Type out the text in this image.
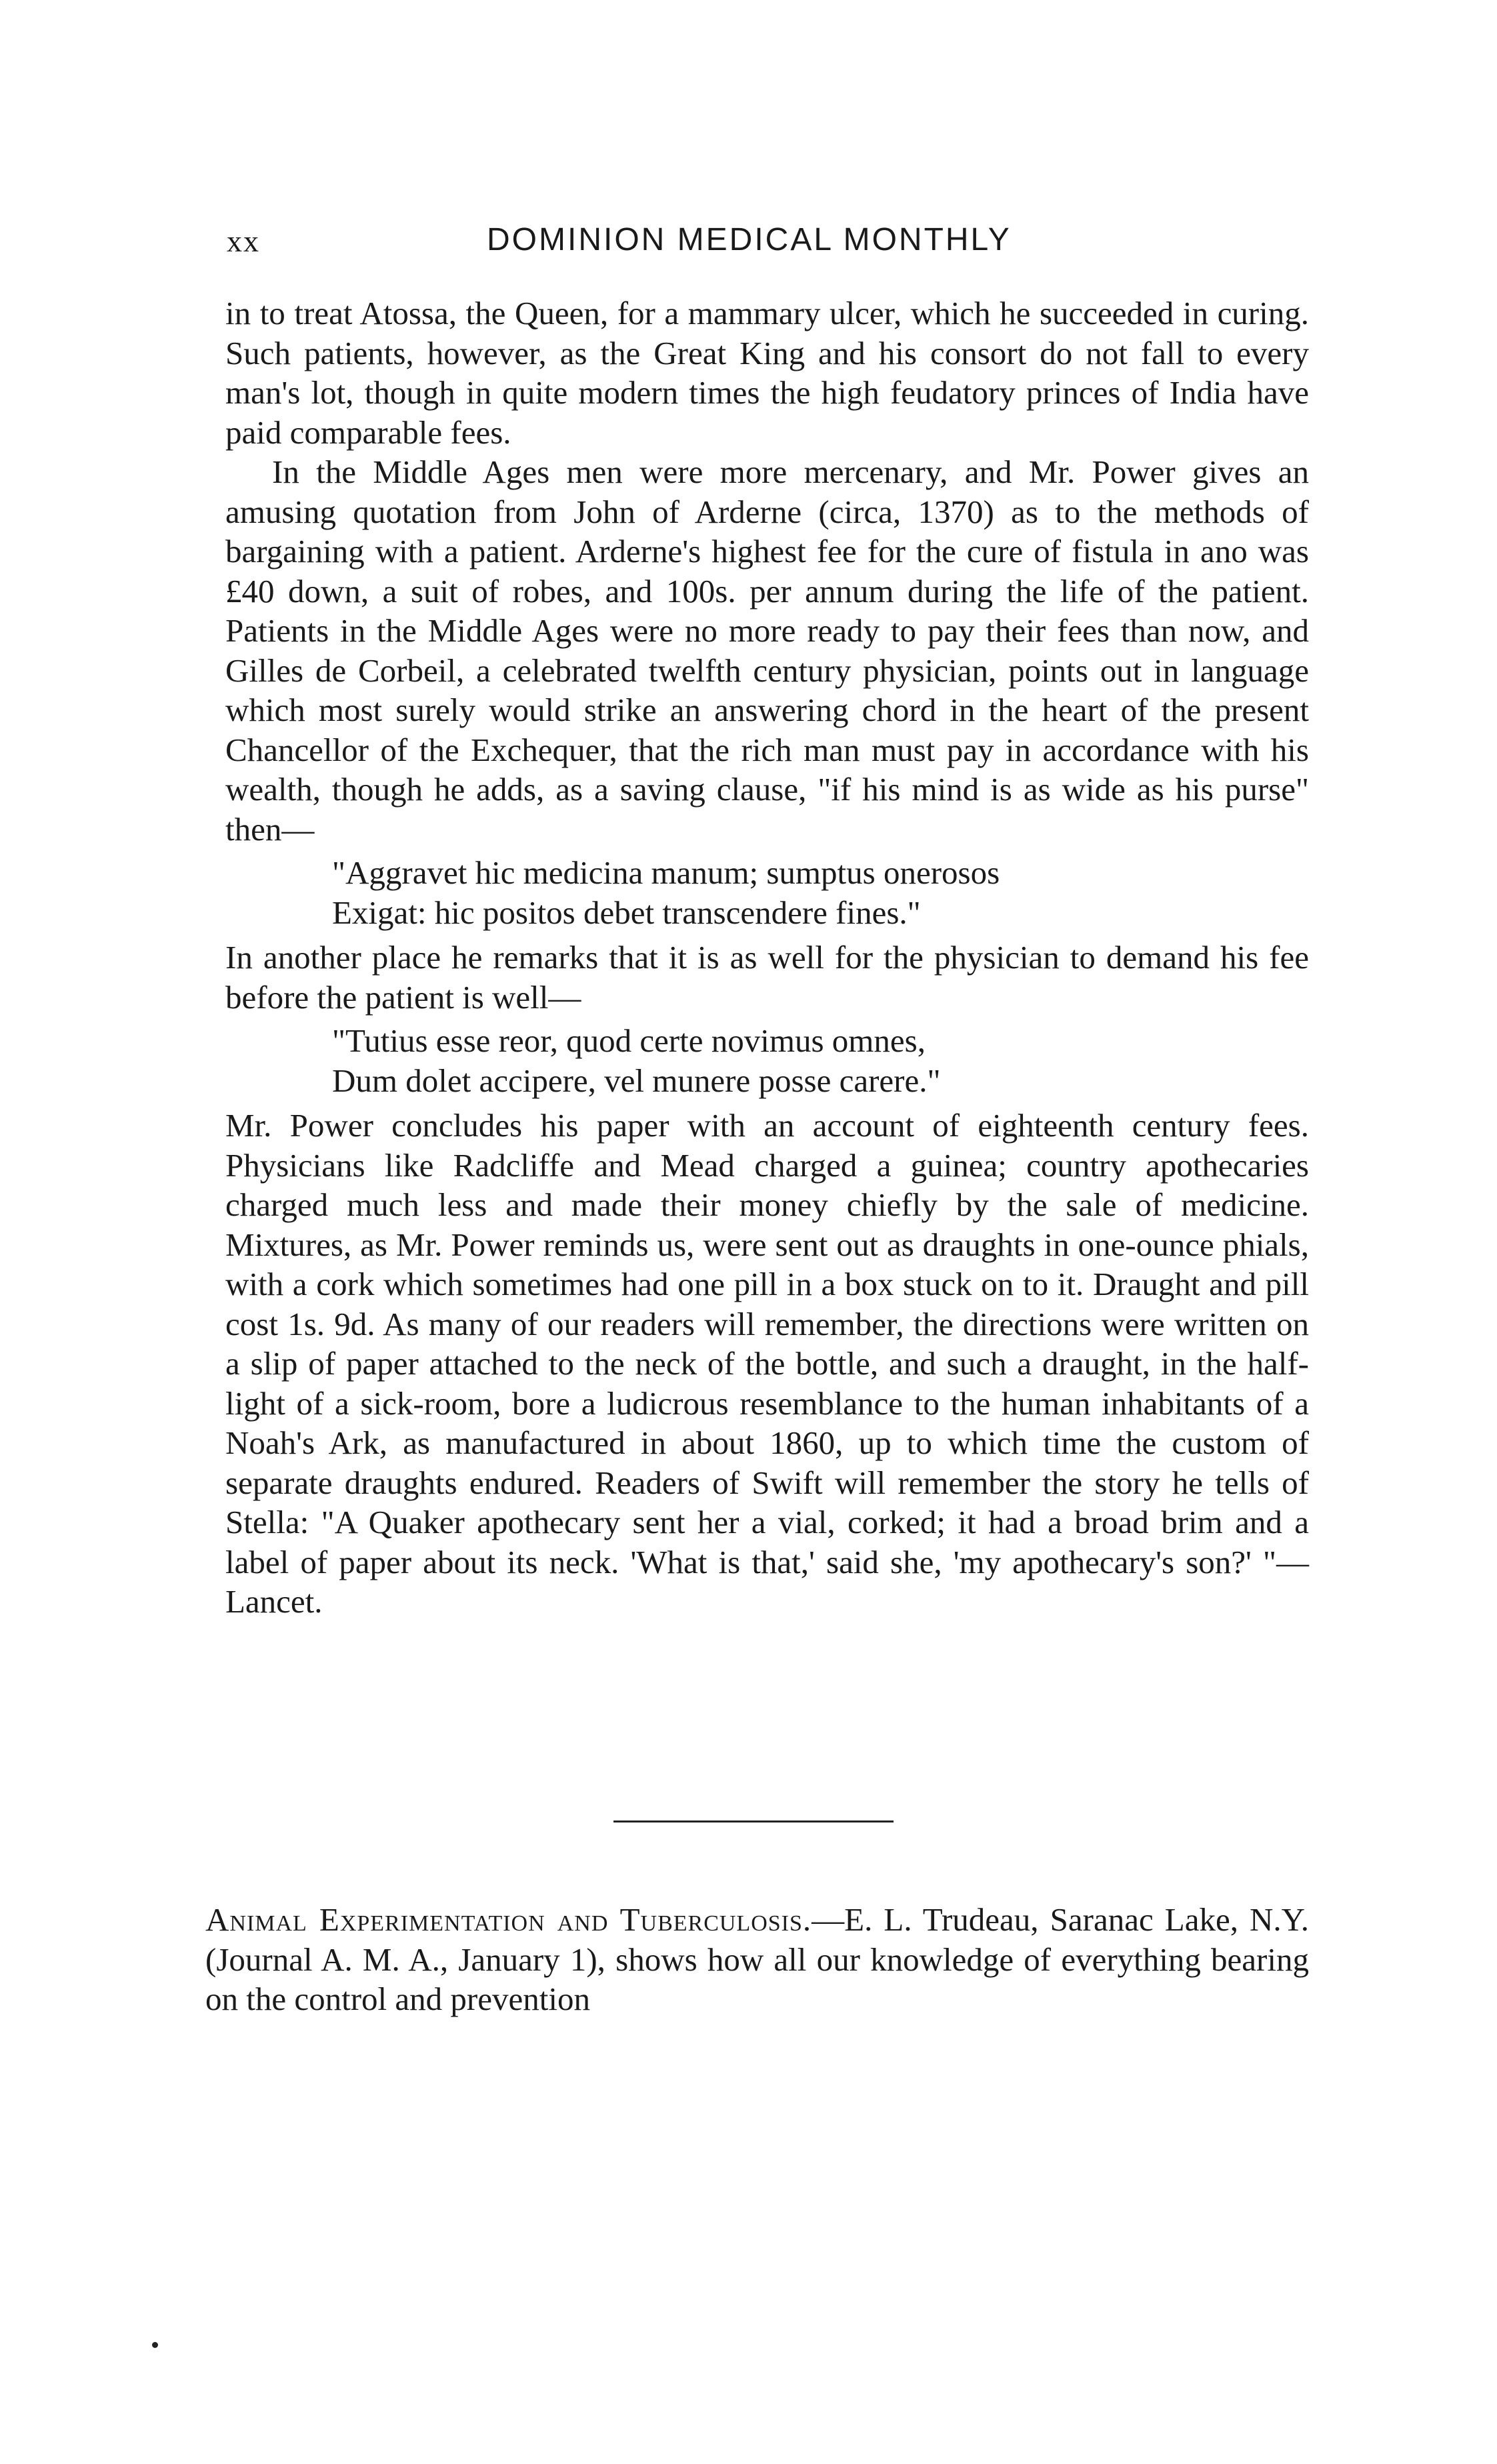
xx	DOMINION MEDICAL MONTHLY

in to treat Atossa, the Queen, for a mammary ulcer, which he succeeded in curing. Such patients, however, as the Great King and his consort do not fall to every man's lot, though in quite modern times the high feudatory princes of India have paid comparable fees.

In the Middle Ages men were more mercenary, and Mr. Power gives an amusing quotation from John of Arderne (circa, 1370) as to the methods of bargaining with a patient. Arderne's highest fee for the cure of fistula in ano was £40 down, a suit of robes, and 100s. per annum during the life of the patient. Patients in the Middle Ages were no more ready to pay their fees than now, and Gilles de Corbeil, a celebrated twelfth century physician, points out in language which most surely would strike an answering chord in the heart of the present Chancellor of the Exchequer, that the rich man must pay in accordance with his wealth, though he adds, as a saving clause, "if his mind is as wide as his purse" then—

"Aggravet hic medicina manum; sumptus onerosos
Exigat: hic positos debet transcendere fines."

In another place he remarks that it is as well for the physician to demand his fee before the patient is well—

"Tutius esse reor, quod certe novimus omnes,
Dum dolet accipere, vel munere posse carere."

Mr. Power concludes his paper with an account of eighteenth century fees. Physicians like Radcliffe and Mead charged a guinea; country apothecaries charged much less and made their money chiefly by the sale of medicine. Mixtures, as Mr. Power reminds us, were sent out as draughts in one-ounce phials, with a cork which sometimes had one pill in a box stuck on to it. Draught and pill cost 1s. 9d. As many of our readers will remember, the directions were written on a slip of paper attached to the neck of the bottle, and such a draught, in the half-light of a sick-room, bore a ludicrous resemblance to the human inhabitants of a Noah's Ark, as manufactured in about 1860, up to which time the custom of separate draughts endured. Readers of Swift will remember the story he tells of Stella: "A Quaker apothecary sent her a vial, corked; it had a broad brim and a label of paper about its neck. 'What is that,' said she, 'my apothecary's son?' "—Lancet.

Animal Experimentation and Tuberculosis.—E. L. Trudeau, Saranac Lake, N.Y. (Journal A. M. A., January 1), shows how all our knowledge of everything bearing on the control and prevention
